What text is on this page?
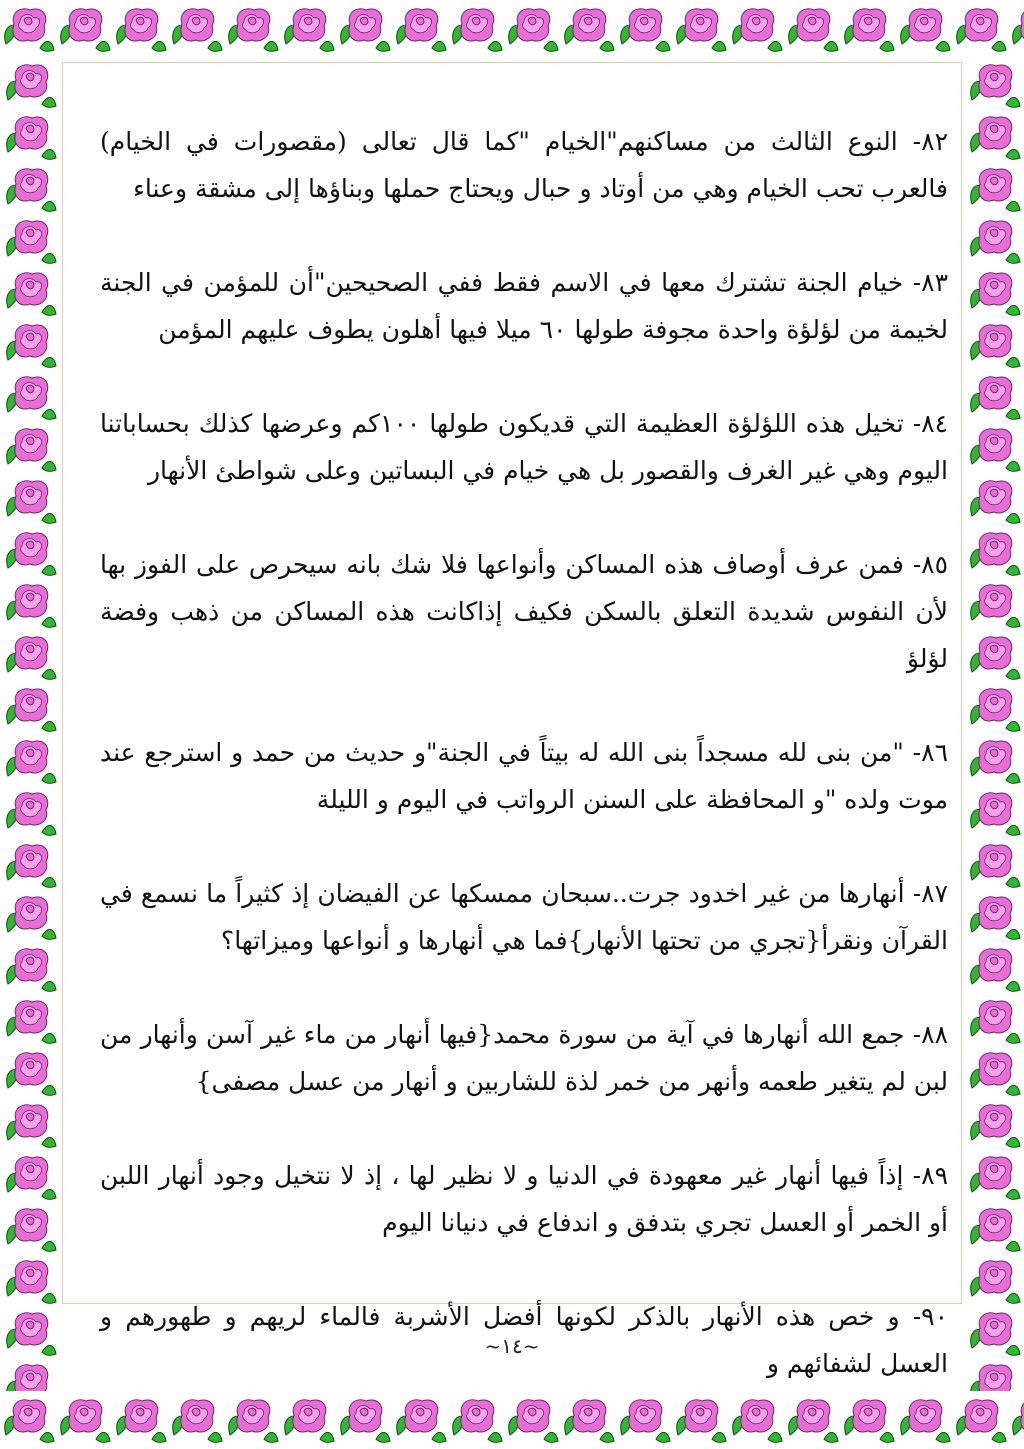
٨٢- النوع الثالث من مساكنهم"الخيام "كما قال تعالى (مقصورات في الخيام) فالعرب تحب الخيام وهي من أوتاد و حبال ويحتاج حملها وبناؤها إلى مشقة وعناء

٨٣- خيام الجنة تشترك معها في الاسم فقط ففي الصحيحين"أن للمؤمن في الجنة لخيمة من لؤلؤة واحدة مجوفة طولها ٦٠ ميلا فيها أهلون يطوف عليهم المؤمن

٨٤- تخيل هذه اللؤلؤة العظيمة التي قديكون طولها ١٠٠كم وعرضها كذلك بحساباتنا اليوم وهي غير الغرف والقصور بل هي خيام في البساتين وعلى شواطئ الأنهار

٨٥- فمن عرف أوصاف هذه المساكن وأنواعها فلا شك بانه سيحرص على الفوز بها لأن النفوس شديدة التعلق بالسكن فكيف إذاكانت هذه المساكن من ذهب وفضة لؤلؤ

٨٦- "من بنى لله مسجداً بنى الله له بيتاً في الجنة"و حديث من حمد و استرجع عند موت ولده "و المحافظة على السنن الرواتب في اليوم و الليلة

٨٧- أنهارها من غير اخدود جرت..سبحان ممسكها عن الفيضان إذ كثيراً ما نسمع في القرآن ونقرأ{تجري من تحتها الأنهار}فما هي أنهارها و أنواعها وميزاتها؟

٨٨- جمع الله أنهارها في آية من سورة محمد{فيها أنهار من ماء غير آسن وأنهار من لبن لم يتغير طعمه وأنهر من خمر لذة للشاربين و أنهار من عسل مصفى}

٨٩- إذاً فيها أنهار غير معهودة في الدنيا و لا نظير لها ، إذ لا نتخيل وجود أنهار اللبن أو الخمر أو العسل تجري بتدفق و اندفاع في دنيانا اليوم

٩٠- و خص هذه الأنهار بالذكر لكونها أفضل الأشربة فالماء لريهم و طهورهم و العسل لشفائهم و

~١٤~
